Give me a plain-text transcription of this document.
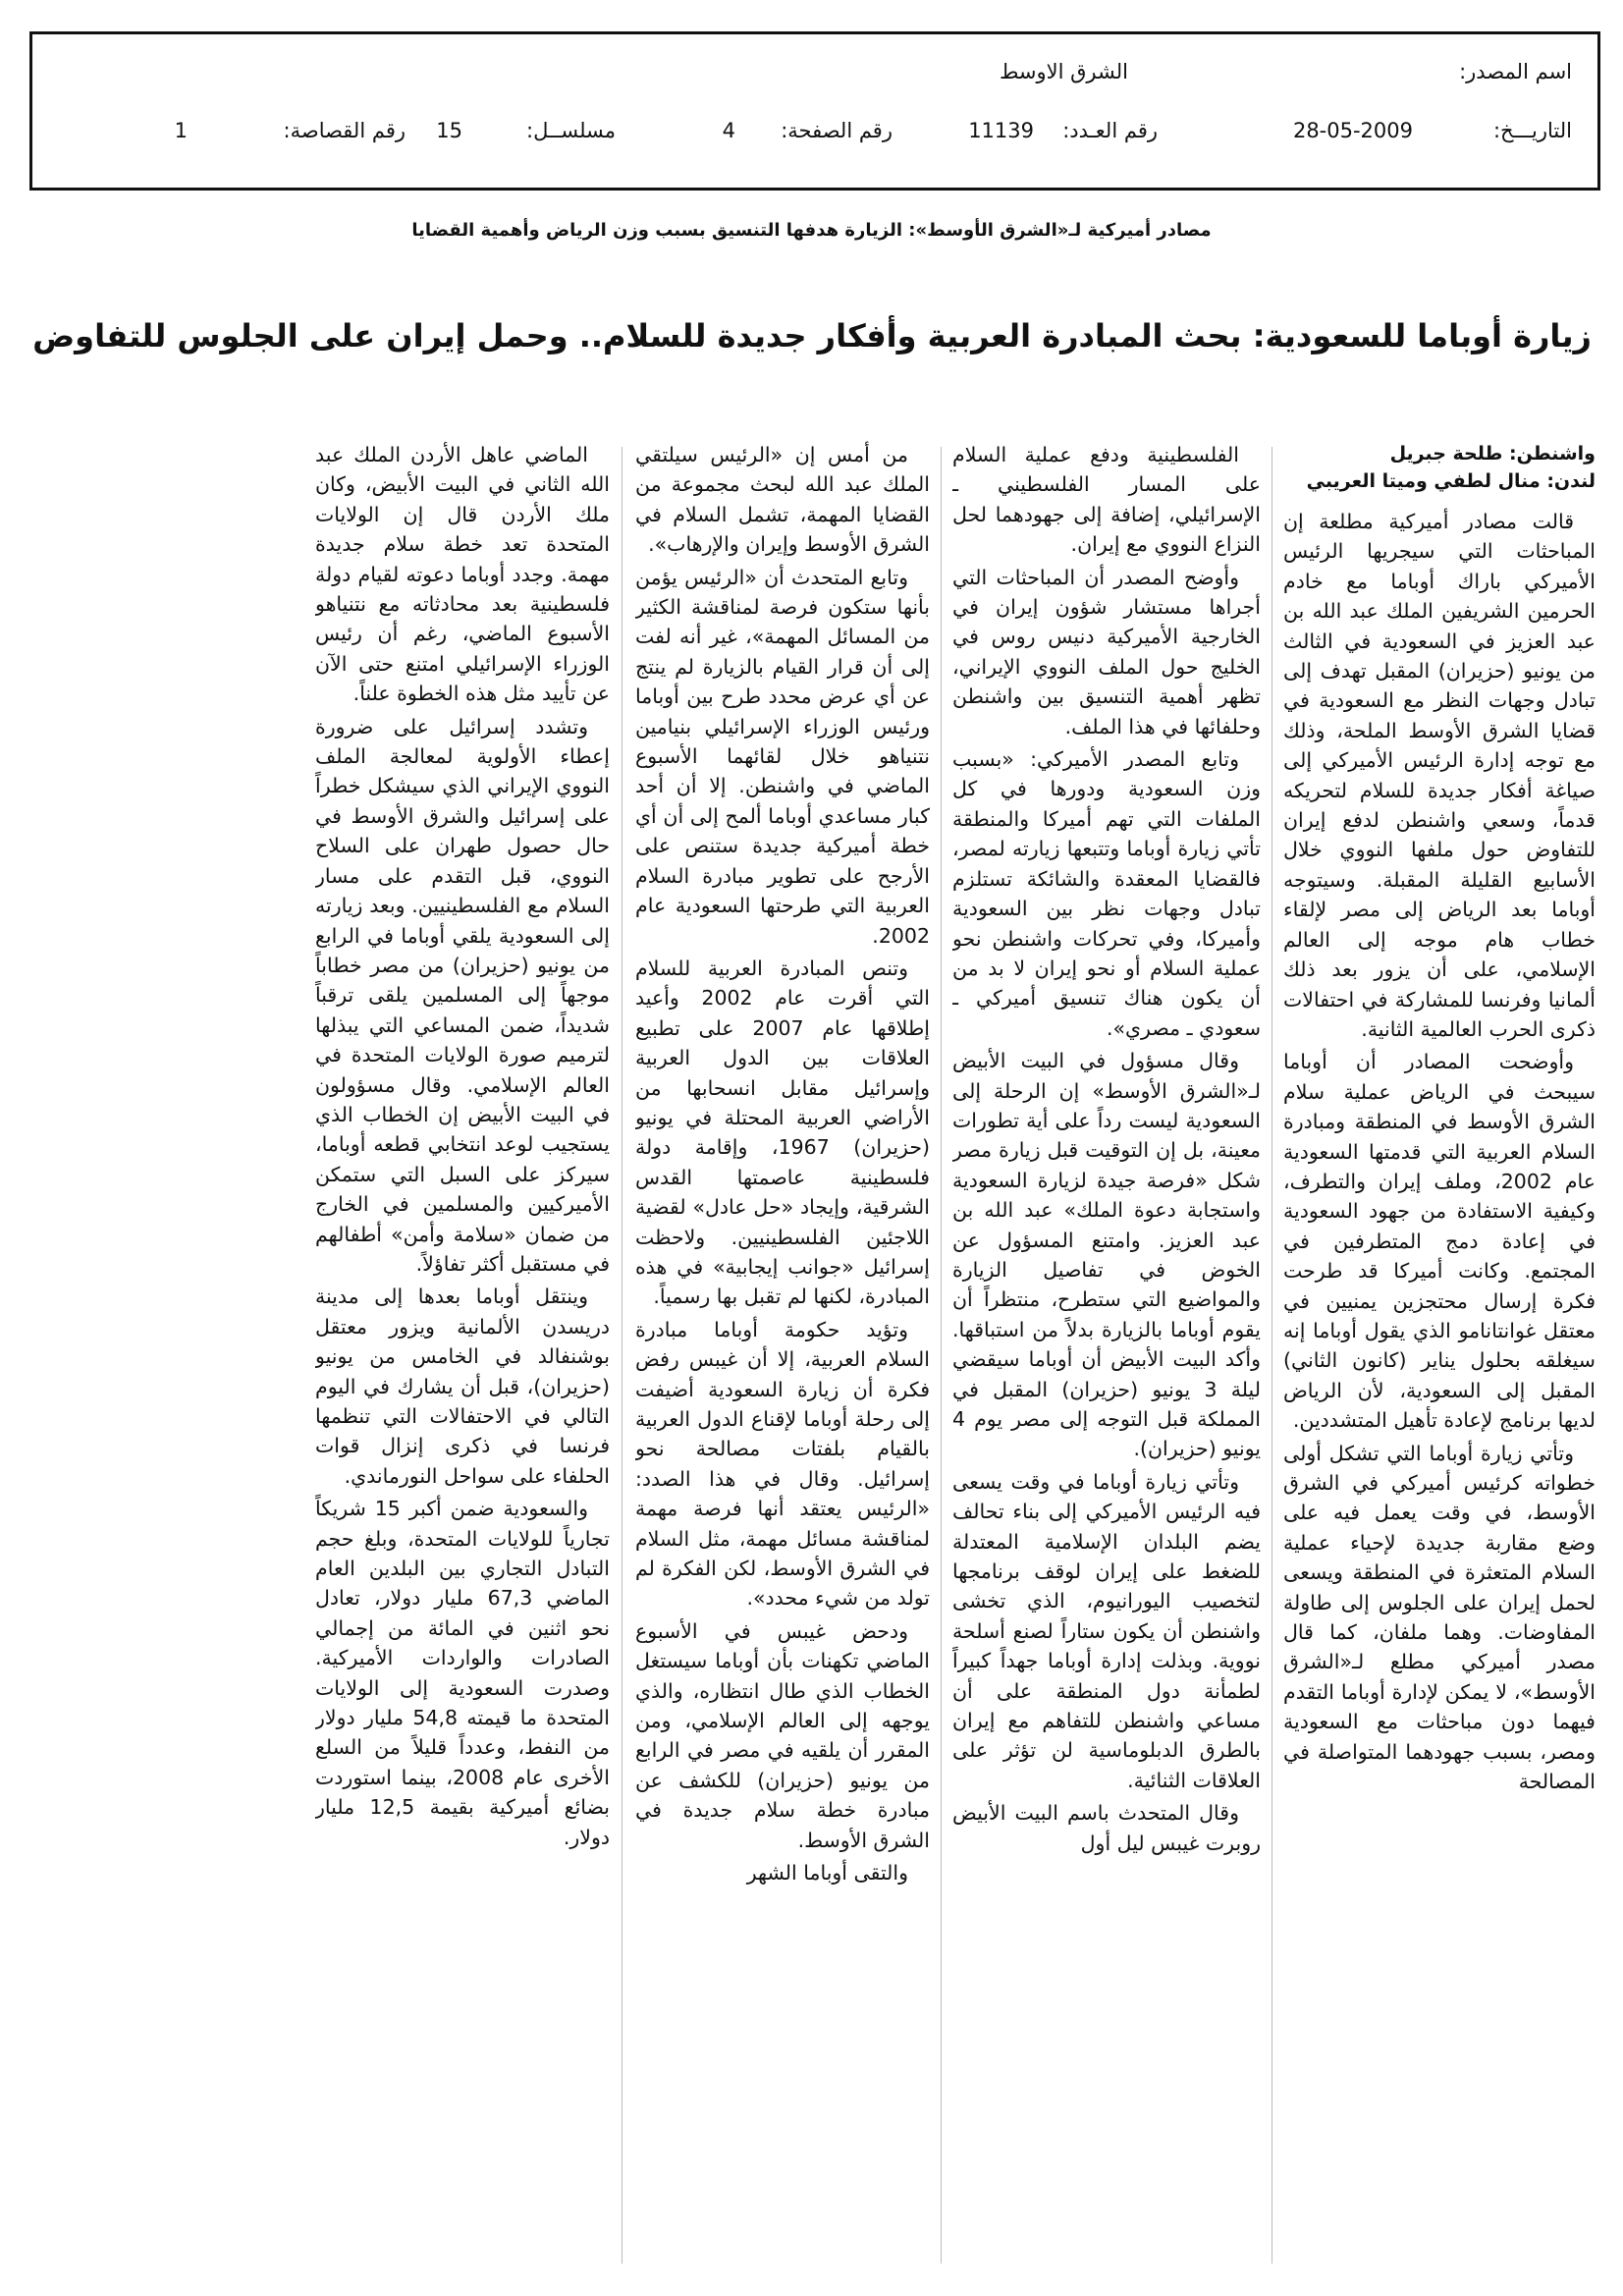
اسم المصدر:
الشرق الاوسط
التاريـــخ:
28-05-2009
رقم العـدد:
11139
رقم الصفحة:
4
مسلســل:
15
رقم القصاصة:
1
مصادر أميركية لـ«الشرق الأوسط»: الزيارة هدفها التنسيق بسبب وزن الرياض وأهمية القضايا
زيارة أوباما للسعودية: بحث المبادرة العربية وأفكار جديدة للسلام.. وحمل إيران على الجلوس للتفاوض

واشنطن: طلحة جبريل
لندن: منال لطفي وميتا العريبي

قالت مصادر أميركية مطلعة إن المباحثات التي سيجريها الرئيس الأميركي باراك أوباما مع خادم الحرمين الشريفين الملك عبد الله بن عبد العزيز في السعودية في الثالث من يونيو (حزيران) المقبل تهدف إلى تبادل وجهات النظر مع السعودية في قضايا الشرق الأوسط الملحة، وذلك مع توجه إدارة الرئيس الأميركي إلى صياغة أفكار جديدة للسلام لتحريكه قدماً، وسعي واشنطن لدفع إيران للتفاوض حول ملفها النووي خلال الأسابيع القليلة المقبلة. وسيتوجه أوباما بعد الرياض إلى مصر لإلقاء خطاب هام موجه إلى العالم الإسلامي، على أن يزور بعد ذلك ألمانيا وفرنسا للمشاركة في احتفالات ذكرى الحرب العالمية الثانية.

وأوضحت المصادر أن أوباما سيبحث في الرياض عملية سلام الشرق الأوسط في المنطقة ومبادرة السلام العربية التي قدمتها السعودية عام 2002، وملف إيران والتطرف، وكيفية الاستفادة من جهود السعودية في إعادة دمج المتطرفين في المجتمع. وكانت أميركا قد طرحت فكرة إرسال محتجزين يمنيين في معتقل غوانتانامو الذي يقول أوباما إنه سيغلقه بحلول يناير (كانون الثاني) المقبل إلى السعودية، لأن الرياض لديها برنامج لإعادة تأهيل المتشددين.

وتأتي زيارة أوباما التي تشكل أولى خطواته كرئيس أميركي في الشرق الأوسط، في وقت يعمل فيه على وضع مقاربة جديدة لإحياء عملية السلام المتعثرة في المنطقة ويسعى لحمل إيران على الجلوس إلى طاولة المفاوضات. وهما ملفان، كما قال مصدر أميركي مطلع لـ«الشرق الأوسط»، لا يمكن لإدارة أوباما التقدم فيهما دون مباحثات مع السعودية ومصر، بسبب جهودهما المتواصلة في المصالحة

الفلسطينية ودفع عملية السلام على المسار الفلسطيني ـ الإسرائيلي، إضافة إلى جهودهما لحل النزاع النووي مع إيران.

وأوضح المصدر أن المباحثات التي أجراها مستشار شؤون إيران في الخارجية الأميركية دنيس روس في الخليج حول الملف النووي الإيراني، تظهر أهمية التنسيق بين واشنطن وحلفائها في هذا الملف.

وتابع المصدر الأميركي: «بسبب وزن السعودية ودورها في كل الملفات التي تهم أميركا والمنطقة تأتي زيارة أوباما وتتبعها زيارته لمصر، فالقضايا المعقدة والشائكة تستلزم تبادل وجهات نظر بين السعودية وأميركا، وفي تحركات واشنطن نحو عملية السلام أو نحو إيران لا بد من أن يكون هناك تنسيق أميركي ـ سعودي ـ مصري».

وقال مسؤول في البيت الأبيض لـ«الشرق الأوسط» إن الرحلة إلى السعودية ليست رداً على أية تطورات معينة، بل إن التوقيت قبل زيارة مصر شكل «فرصة جيدة لزيارة السعودية واستجابة دعوة الملك» عبد الله بن عبد العزيز. وامتنع المسؤول عن الخوض في تفاصيل الزيارة والمواضيع التي ستطرح، منتظراً أن يقوم أوباما بالزيارة بدلاً من استباقها. وأكد البيت الأبيض أن أوباما سيقضي ليلة 3 يونيو (حزيران) المقبل في المملكة قبل التوجه إلى مصر يوم 4 يونيو (حزيران).

وتأتي زيارة أوباما في وقت يسعى فيه الرئيس الأميركي إلى بناء تحالف يضم البلدان الإسلامية المعتدلة للضغط على إيران لوقف برنامجها لتخصيب اليورانيوم، الذي تخشى واشنطن أن يكون ستاراً لصنع أسلحة نووية. وبذلت إدارة أوباما جهداً كبيراً لطمأنة دول المنطقة على أن مساعي واشنطن للتفاهم مع إيران بالطرق الدبلوماسية لن تؤثر على العلاقات الثنائية.

وقال المتحدث باسم البيت الأبيض روبرت غيبس ليل أول

من أمس إن «الرئيس سيلتقي الملك عبد الله لبحث مجموعة من القضايا المهمة، تشمل السلام في الشرق الأوسط وإيران والإرهاب».

وتابع المتحدث أن «الرئيس يؤمن بأنها ستكون فرصة لمناقشة الكثير من المسائل المهمة»، غير أنه لفت إلى أن قرار القيام بالزيارة لم ينتج عن أي عرض محدد طرح بين أوباما ورئيس الوزراء الإسرائيلي بنيامين نتنياهو خلال لقائهما الأسبوع الماضي في واشنطن. إلا أن أحد كبار مساعدي أوباما ألمح إلى أن أي خطة أميركية جديدة ستنص على الأرجح على تطوير مبادرة السلام العربية التي طرحتها السعودية عام 2002.

وتنص المبادرة العربية للسلام التي أقرت عام 2002 وأعيد إطلاقها عام 2007 على تطبيع العلاقات بين الدول العربية وإسرائيل مقابل انسحابها من الأراضي العربية المحتلة في يونيو (حزيران) 1967، وإقامة دولة فلسطينية عاصمتها القدس الشرقية، وإيجاد «حل عادل» لقضية اللاجئين الفلسطينيين. ولاحظت إسرائيل «جوانب إيجابية» في هذه المبادرة، لكنها لم تقبل بها رسمياً.

وتؤيد حكومة أوباما مبادرة السلام العربية، إلا أن غيبس رفض فكرة أن زيارة السعودية أضيفت إلى رحلة أوباما لإقناع الدول العربية بالقيام بلفتات مصالحة نحو إسرائيل. وقال في هذا الصدد: «الرئيس يعتقد أنها فرصة مهمة لمناقشة مسائل مهمة، مثل السلام في الشرق الأوسط، لكن الفكرة لم تولد من شيء محدد».

ودحض غيبس في الأسبوع الماضي تكهنات بأن أوباما سيستغل الخطاب الذي طال انتظاره، والذي يوجهه إلى العالم الإسلامي، ومن المقرر أن يلقيه في مصر في الرابع من يونيو (حزيران) للكشف عن مبادرة خطة سلام جديدة في الشرق الأوسط.

والتقى أوباما الشهر

الماضي عاهل الأردن الملك عبد الله الثاني في البيت الأبيض، وكان ملك الأردن قال إن الولايات المتحدة تعد خطة سلام جديدة مهمة. وجدد أوباما دعوته لقيام دولة فلسطينية بعد محادثاته مع نتنياهو الأسبوع الماضي، رغم أن رئيس الوزراء الإسرائيلي امتنع حتى الآن عن تأييد مثل هذه الخطوة علناً.

وتشدد إسرائيل على ضرورة إعطاء الأولوية لمعالجة الملف النووي الإيراني الذي سيشكل خطراً على إسرائيل والشرق الأوسط في حال حصول طهران على السلاح النووي، قبل التقدم على مسار السلام مع الفلسطينيين. وبعد زيارته إلى السعودية يلقي أوباما في الرابع من يونيو (حزيران) من مصر خطاباً موجهاً إلى المسلمين يلقى ترقباً شديداً، ضمن المساعي التي يبذلها لترميم صورة الولايات المتحدة في العالم الإسلامي. وقال مسؤولون في البيت الأبيض إن الخطاب الذي يستجيب لوعد انتخابي قطعه أوباما، سيركز على السبل التي ستمكن الأميركيين والمسلمين في الخارج من ضمان «سلامة وأمن» أطفالهم في مستقبل أكثر تفاؤلاً.

وينتقل أوباما بعدها إلى مدينة دريسدن الألمانية ويزور معتقل بوشنفالد في الخامس من يونيو (حزيران)، قبل أن يشارك في اليوم التالي في الاحتفالات التي تنظمها فرنسا في ذكرى إنزال قوات الحلفاء على سواحل النورماندي.

والسعودية ضمن أكبر 15 شريكاً تجارياً للولايات المتحدة، وبلغ حجم التبادل التجاري بين البلدين العام الماضي 67,3 مليار دولار، تعادل نحو اثنين في المائة من إجمالي الصادرات والواردات الأميركية. وصدرت السعودية إلى الولايات المتحدة ما قيمته 54,8 مليار دولار من النفط، وعدداً قليلاً من السلع الأخرى عام 2008، بينما استوردت بضائع أميركية بقيمة 12,5 مليار دولار.
